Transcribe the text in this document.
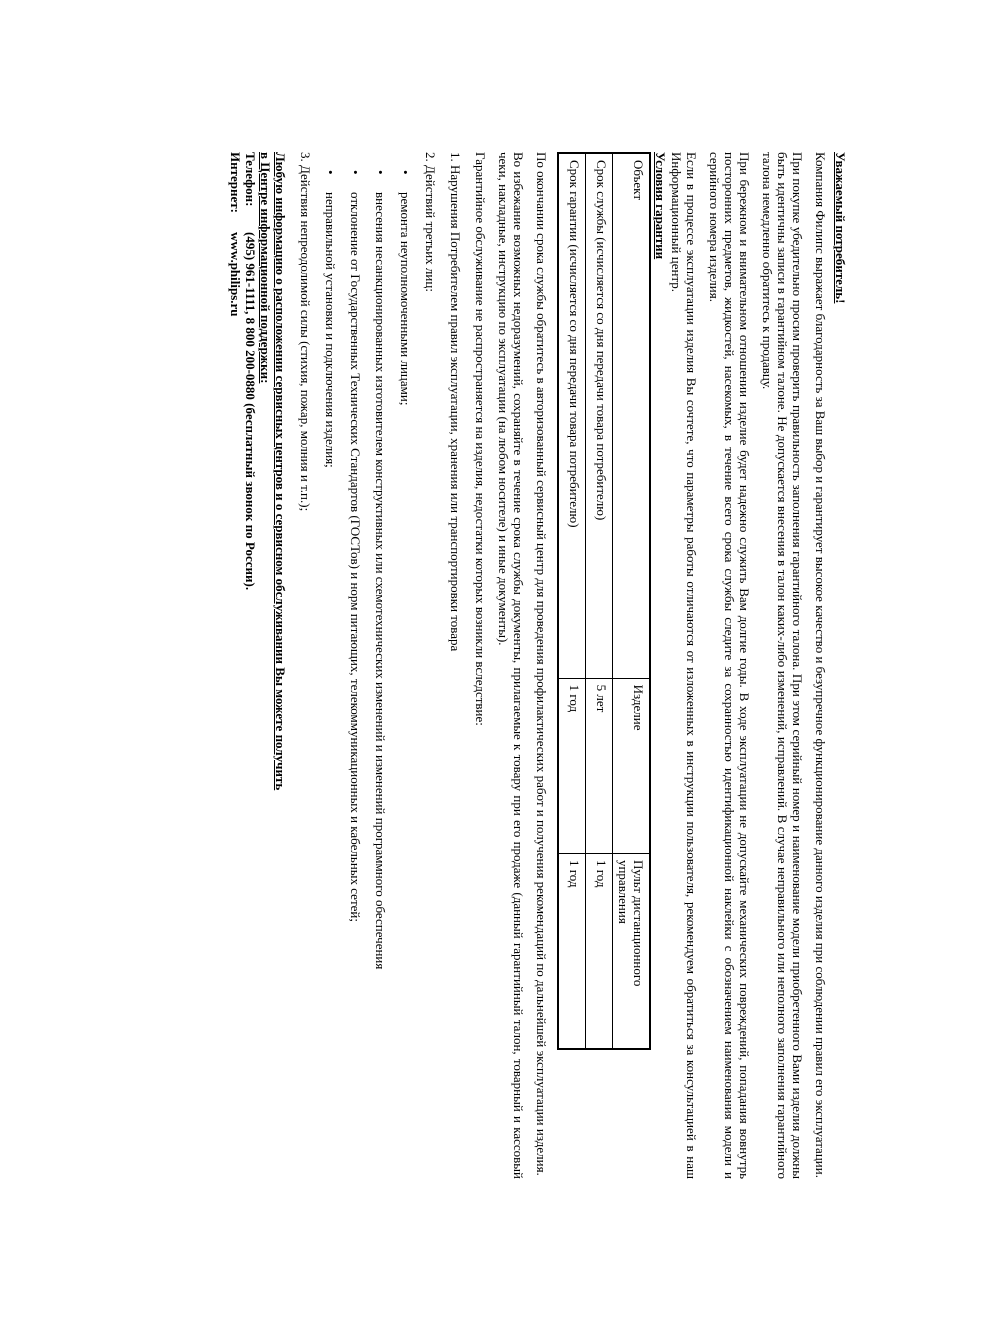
Уважаемый потребитель!

Компания Филипс выражает благодарность за Ваш выбор и гарантирует высокое качество и безупречное функционирование данного изделия при соблюдении правил его эксплуатации.

При покупке убедительно просим проверить правильность заполнения гарантийного талона. При этом серийный номер и наименование модели приобретенного Вами изделия должны быть идентичны записи в гарантийном талоне. Не допускается внесения в талон каких-либо изменений, исправлений. В случае неправильного или неполного заполнения гарантийного талона немедленно обратитесь к продавцу.

При бережном и внимательном отношении изделие будет надежно служить Вам долгие годы. В ходе эксплуатации не допускайте механических повреждений, попадания вовнутрь посторонних предметов, жидкостей, насекомых, в течение всего срока службы следите за сохранностью идентификационной наклейки с обозначением наименования модели и серийного номера изделия.

Если в процессе эксплуатации изделия Вы сочтете, что параметры работы отличаются от изложенных в инструкции пользователя, рекомендуем обратиться за консультацией в наш Информационный центр.

Условия гарантии

Объект	Изделие	Пульт дистанционного управления
Срок службы (исчисляется со дня передачи товара потребителю)	5 лет	1 год
Срок гарантии (исчисляется со дня передачи товара потребителю)	1 год	1 год

По окончании срока службы обратитесь в авторизованный сервисный центр для проведения профилактических работ и получения рекомендаций по дальнейшей эксплуатации изделия.

Во избежание возможных недоразумений, сохраняйте в течение срока службы документы, прилагаемые к товару при его продаже (данный гарантийный талон, товарный и кассовый чеки, накладные, инструкцию по эксплуатации (на любом носителе) и иные документы).

Гарантийное обслуживание не распространяется на изделия, недостатки которых возникли вследствие:

1. Нарушения Потребителем правил эксплуатации, хранения или транспортировки товара

2. Действий третьих лиц:

• ремонта неуполномоченными лицами;

• внесения несанкционированных изготовителем конструктивных или схемотехнических изменений и изменений программного обеспечения

• отклонение от Государственных Технических Стандартов (ГОСТов) и норм питающих, телекоммуникационных и кабельных сетей;

• неправильной установки и подключения изделия;

3. Действия непреодолимой силы (стихия, пожар, молния и т.п.);

Любую информацию о расположении сервисных центров и о сервисном обслуживании Вы можете получить

в Центре информационной поддержки:

Телефон:
(495) 961-1111, 8 800 200-0880 (бесплатный звонок по России).
Интернет:
www.philips.ru
